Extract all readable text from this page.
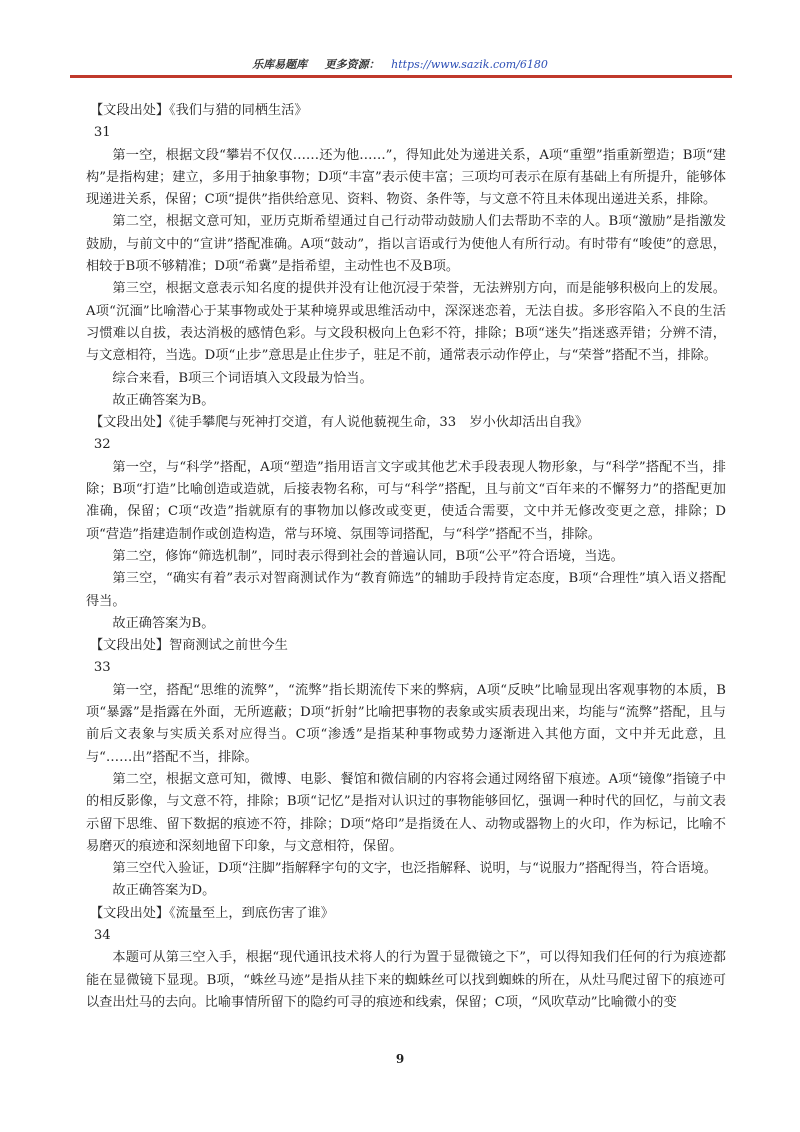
乐库易题库 更多资源： https://www.sazik.com/6180

【文段出处】《我们与猎的同栖生活》

31

第一空，根据文段“攀岩不仅仅……还为他……”，得知此处为递进关系，A项“重塑”指重新塑造；B项“建构”是指构建；建立，多用于抽象事物；D项“丰富”表示使丰富；三项均可表示在原有基础上有所提升，能够体现递进关系，保留；C项“提供”指供给意见、资料、物资、条件等，与文意不符且未体现出递进关系，排除。

第二空，根据文意可知，亚历克斯希望通过自己行动带动鼓励人们去帮助不幸的人。B项“激励”是指激发鼓励，与前文中的“宣讲”搭配准确。A项“鼓动”，指以言语或行为使他人有所行动。有时带有“唆使”的意思，相较于B项不够精准；D项“希冀”是指希望，主动性也不及B项。

第三空，根据文意表示知名度的提供并没有让他沉浸于荣誉，无法辨别方向，而是能够积极向上的发展。A项“沉湎”比喻潜心于某事物或处于某种境界或思维活动中，深深迷恋着，无法自拔。多形容陷入不良的生活习惯难以自拔，表达消极的感情色彩。与文段积极向上色彩不符，排除；B项“迷失”指迷惑弄错；分辨不清，与文意相符，当选。D项“止步”意思是止住步子，驻足不前，通常表示动作停止，与“荣誉”搭配不当，排除。

综合来看，B项三个词语填入文段最为恰当。

故正确答案为B。

【文段出处】《徒手攀爬与死神打交道，有人说他藐视生命，33　岁小伙却活出自我》

32

第一空，与“科学”搭配，A项“塑造”指用语言文字或其他艺术手段表现人物形象，与“科学”搭配不当，排除；B项“打造”比喻创造或造就，后接表物名称，可与“科学”搭配，且与前文“百年来的不懈努力”的搭配更加准确，保留；C项“改造”指就原有的事物加以修改或变更，使适合需要，文中并无修改变更之意，排除；D项“营造”指建造制作或创造构造，常与环境、氛围等词搭配，与“科学”搭配不当，排除。

第二空，修饰“筛选机制”，同时表示得到社会的普遍认同，B项“公平”符合语境，当选。

第三空，“确实有着”表示对智商测试作为“教育筛选”的辅助手段持肯定态度，B项“合理性”填入语义搭配得当。

故正确答案为B。

【文段出处】智商测试之前世今生

33

第一空，搭配“思维的流弊”，“流弊”指长期流传下来的弊病，A项“反映”比喻显现出客观事物的本质，B项“暴露”是指露在外面，无所遮蔽；D项“折射”比喻把事物的表象或实质表现出来，均能与“流弊”搭配，且与前后文表象与实质关系对应得当。C项“渗透”是指某种事物或势力逐渐进入其他方面，文中并无此意，且与“……出”搭配不当，排除。

第二空，根据文意可知，微博、电影、餐馆和微信刷的内容将会通过网络留下痕迹。A项“镜像”指镜子中的相反影像，与文意不符，排除；B项“记忆”是指对认识过的事物能够回忆，强调一种时代的回忆，与前文表示留下思维、留下数据的痕迹不符，排除；D项“烙印”是指烫在人、动物或器物上的火印，作为标记，比喻不易磨灭的痕迹和深刻地留下印象，与文意相符，保留。

第三空代入验证，D项“注脚”指解释字句的文字，也泛指解释、说明，与“说服力”搭配得当，符合语境。

故正确答案为D。

【文段出处】《流量至上，到底伤害了谁》

34

本题可从第三空入手，根据“现代通讯技术将人的行为置于显微镜之下”，可以得知我们任何的行为痕迹都能在显微镜下显现。B项，“蛛丝马迹”是指从挂下来的蜘蛛丝可以找到蜘蛛的所在，从灶马爬过留下的痕迹可以查出灶马的去向。比喻事情所留下的隐约可寻的痕迹和线索，保留；C项，“风吹草动”比喻微小的变

9
